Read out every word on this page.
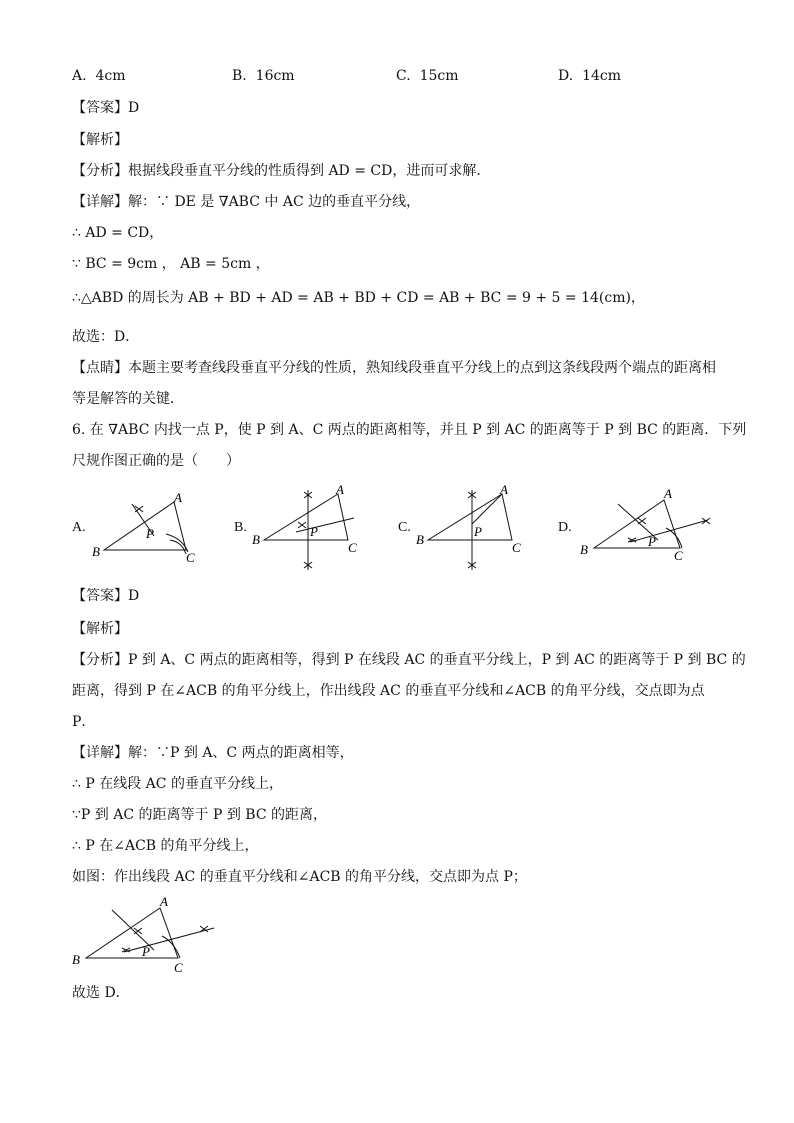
A. 4cm	B. 16cm	C. 15cm	D. 14cm
【答案】D
【解析】
【分析】根据线段垂直平分线的性质得到 AD = CD，进而可求解．
【详解】解：∵ DE 是 ∇ABC 中 AC 边的垂直平分线，
∴ AD = CD，
∵ BC = 9cm ， AB = 5cm ，
∴△ABD 的周长为 AB + BD + AD = AB + BD + CD = AB + BC = 9 + 5 = 14(cm)，
故选：D．
【点睛】本题主要考查线段垂直平分线的性质，熟知线段垂直平分线上的点到这条线段两个端点的距离相
等是解答的关键．
6. 在 ∇ABC 内找一点 P，使 P 到 A、C 两点的距离相等，并且 P 到 AC 的距离等于 P 到 BC 的距离．下列
尺规作图正确的是（　　）
A.	B.	C.	D.
A
B	C
P
A
B
C
P
A
B
C
P
A
B	C
P
【答案】D
【解析】
【分析】P 到 A、C 两点的距离相等，得到 P 在线段 AC 的垂直平分线上，P 到 AC 的距离等于 P 到 BC 的
距离，得到 P 在∠ACB 的角平分线上，作出线段 AC 的垂直平分线和∠ACB 的角平分线，交点即为点
P．
【详解】解：∵P 到 A、C 两点的距离相等，
∴ P 在线段 AC 的垂直平分线上，
∵P 到 AC 的距离等于 P 到 BC 的距离，
∴ P 在∠ACB 的角平分线上，
如图：作出线段 AC 的垂直平分线和∠ACB 的角平分线，交点即为点 P；
A
B
C
P
故选 D．
